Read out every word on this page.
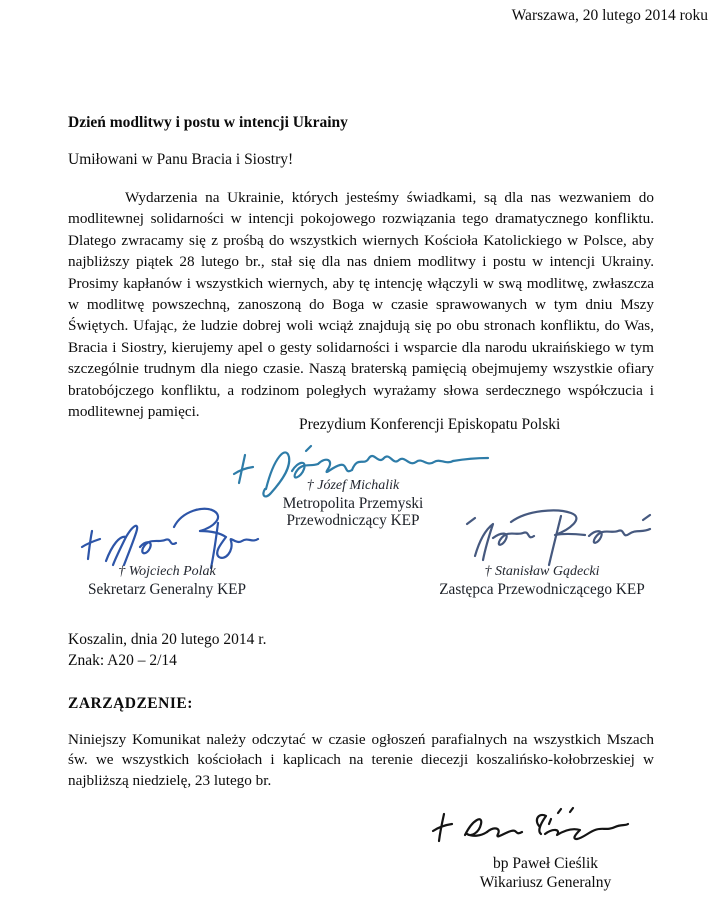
Warszawa, 20 lutego 2014 roku
Dzień modlitwy i postu w intencji Ukrainy
Umiłowani w Panu Bracia i Siostry!
Wydarzenia na Ukrainie, których jesteśmy świadkami, są dla nas wezwaniem do modlitewnej solidarności w intencji pokojowego rozwiązania tego dramatycznego konfliktu. Dlatego zwracamy się z prośbą do wszystkich wiernych Kościoła Katolickiego w Polsce, aby najbliższy piątek 28 lutego br., stał się dla nas dniem modlitwy i postu w intencji Ukrainy. Prosimy kapłanów i wszystkich wiernych, aby tę intencję włączyli w swą modlitwę, zwłaszcza w modlitwę powszechną, zanoszoną do Boga w czasie sprawowanych w tym dniu Mszy Świętych. Ufając, że ludzie dobrej woli wciąż znajdują się po obu stronach konfliktu, do Was, Bracia i Siostry, kierujemy apel o gesty solidarności i wsparcie dla narodu ukraińskiego w tym szczególnie trudnym dla niego czasie. Naszą braterską pamięcią obejmujemy wszystkie ofiary bratobójczego konfliktu, a rodzinom poległych wyrażamy słowa serdecznego współczucia i modlitewnej pamięci.
Prezydium Konferencji Episkopatu Polski
† Józef Michalik
Metropolita Przemyski
Przewodniczący KEP
† Wojciech Polak
Sekretarz Generalny KEP
† Stanisław Gądecki
Zastępca Przewodniczącego KEP
Koszalin, dnia 20 lutego 2014 r.
Znak: A20 – 2/14
ZARZĄDZENIE:
Niniejszy Komunikat należy odczytać w czasie ogłoszeń parafialnych na wszystkich Mszach św. we wszystkich kościołach i kaplicach na terenie diecezji koszalińsko-kołobrzeskiej w najbliższą niedzielę, 23 lutego br.
bp Paweł Cieślik
Wikariusz Generalny
